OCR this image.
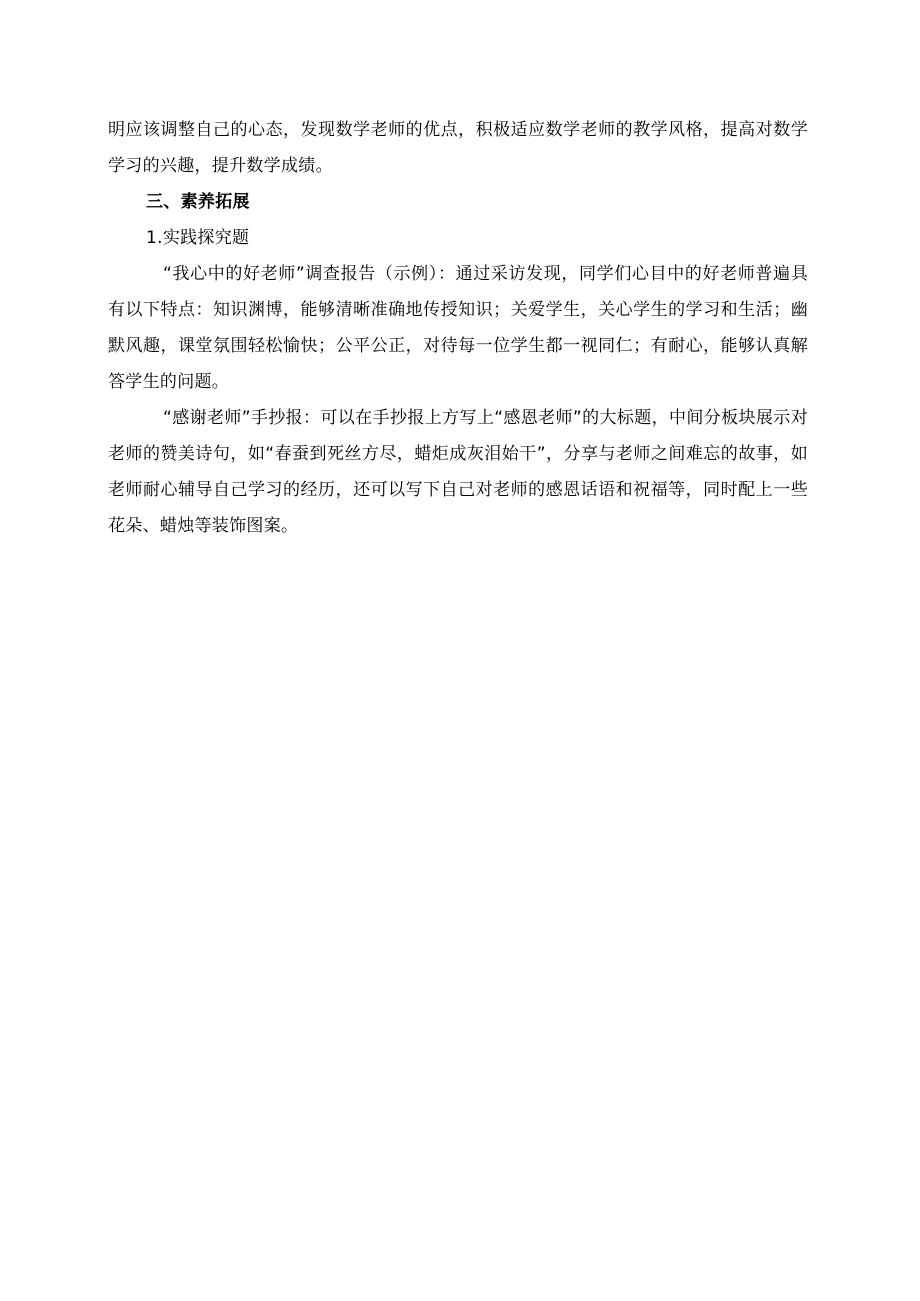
明应该调整自己的心态，发现数学老师的优点，积极适应数学老师的教学风格，提高对数学学习的兴趣，提升数学成绩。

三、素养拓展

1.实践探究题

“我心中的好老师”调查报告（示例）：通过采访发现，同学们心目中的好老师普遍具有以下特点：知识渊博，能够清晰准确地传授知识；关爱学生，关心学生的学习和生活；幽默风趣，课堂氛围轻松愉快；公平公正，对待每一位学生都一视同仁；有耐心，能够认真解答学生的问题。

“感谢老师”手抄报：可以在手抄报上方写上“感恩老师”的大标题，中间分板块展示对老师的赞美诗句，如“春蚕到死丝方尽，蜡炬成灰泪始干”，分享与老师之间难忘的故事，如老师耐心辅导自己学习的经历，还可以写下自己对老师的感恩话语和祝福等，同时配上一些花朵、蜡烛等装饰图案。
